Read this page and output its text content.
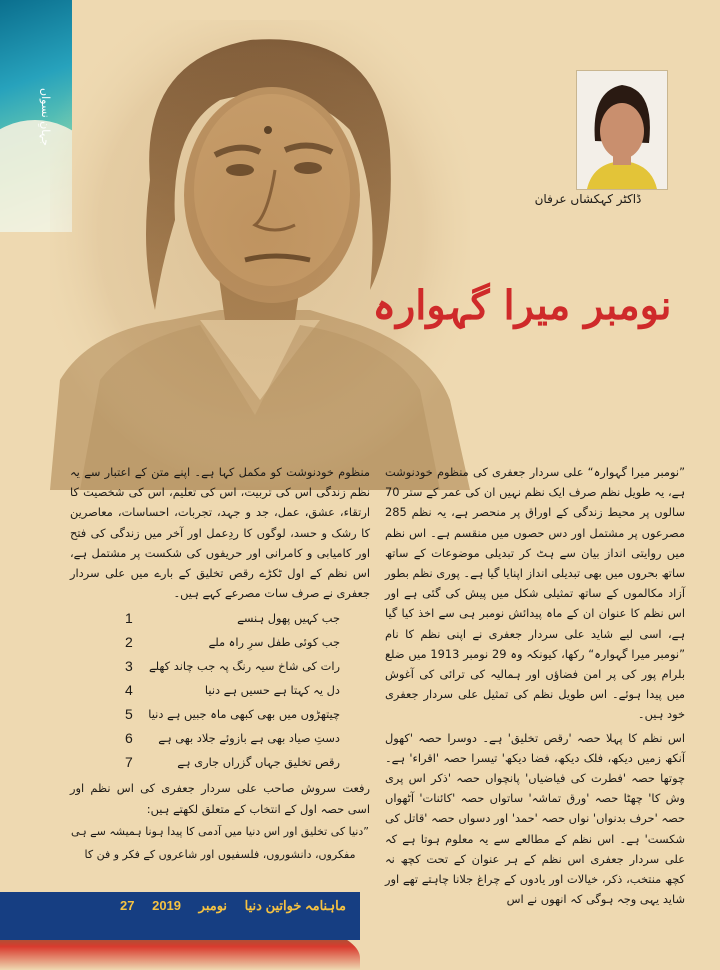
جہانِ نسواں
ڈاکٹر کہکشاں عرفان
نومبر میرا گہوارہ

”نومبر میرا گہوارہ“ علی سردار جعفری کی منظوم خودنوشت ہے، یہ طویل نظم صرف ایک نظم نہیں ان کی عمر کے ستر 70 سالوں پر محیط زندگی کے اوراق پر منحصر ہے، یہ نظم 285 مصرعوں پر مشتمل اور دس حصوں میں منقسم ہے۔ اس نظم میں روایتی انداز بیان سے ہٹ کر تبدیلی موضوعات کے ساتھ ساتھ بحروں میں بھی تبدیلی انداز اپنایا گیا ہے۔ پوری نظم بطور آزاد مکالموں کے ساتھ تمثیلی شکل میں پیش کی گئی ہے اور اس نظم کا عنوان ان کے ماہ پیدائش نومبر ہی سے اخذ کیا گیا ہے، اسی لیے شاید علی سردار جعفری نے اپنی نظم کا نام ”نومبر میرا گہوارہ“ رکھا، کیونکہ وہ 29 نومبر 1913 میں ضلع بلرام پور کی پر امن فضاؤں اور ہمالیہ کی ترائی کی آغوش میں پیدا ہوئے۔ اس طویل نظم کی تمثیل علی سردار جعفری خود ہیں۔

اس نظم کا پہلا حصہ 'رقص تخلیق' ہے۔ دوسرا حصہ 'کھول آنکھ زمیں دیکھ، فلک دیکھ، فضا دیکھ' تیسرا حصہ 'اقراء' ہے۔ چوتھا حصہ 'فطرت کی فیاضیاں' پانچواں حصہ 'ذکر اس پری وش کا' چھٹا حصہ 'ورق تماشہ' ساتواں حصہ 'کائنات' آٹھواں حصہ 'حرف بدنواں' نواں حصہ 'حمد' اور دسواں حصہ 'قاتل کی شکست' ہے۔ اس نظم کے مطالعے سے یہ معلوم ہوتا ہے کہ علی سردار جعفری اس نظم کے ہر عنوان کے تحت کچھ نہ کچھ منتخب، ذکر، خیالات اور یادوں کے چراغ جلانا چاہتے تھے اور شاید یہی وجہ ہوگی کہ انھوں نے اس

منظوم خودنوشت کو مکمل کہا ہے۔ اپنے متن کے اعتبار سے یہ نظم زندگی اس کی تربیت، اس کی تعلیم، اس کی شخصیت کا ارتقاء، عشق، عمل، جد و جہد، تجربات، احساسات، معاصرین کا رشک و حسد، لوگوں کا ردِعمل اور آخر میں زندگی کی فتح اور کامیابی و کامرانی اور حریفوں کی شکست پر مشتمل ہے، اس نظم کے اول ٹکڑے رقص تخلیق کے بارے میں علی سردار جعفری نے صرف سات مصرعے کہے ہیں۔

جب کہیں پھول ہنسے
1
جب کوئی طفل سرِ راہ ملے
2
رات کی شاخ سیہ رنگ پہ جب چاند کھلے
3
دل یہ کہتا ہے حسیں ہے دنیا
4
چیتھڑوں میں بھی کبھی ماہ جبیں ہے دنیا
5
دستِ صیاد بھی ہے بازوئے جلاد بھی ہے
6
رقص تخلیق جہاں گزراں جاری ہے
7

رفعت سروش صاحب علی سردار جعفری کی اس نظم اور اسی حصہ اول کے انتخاب کے متعلق لکھتے ہیں:

”دنیا کی تخلیق اور اس دنیا میں آدمی کا پیدا ہونا ہمیشہ سے ہی

مفکروں، دانشوروں، فلسفیوں اور شاعروں کے فکر و فن کا

ماہنامہ خواتین دنیا نومبر 2019 27
